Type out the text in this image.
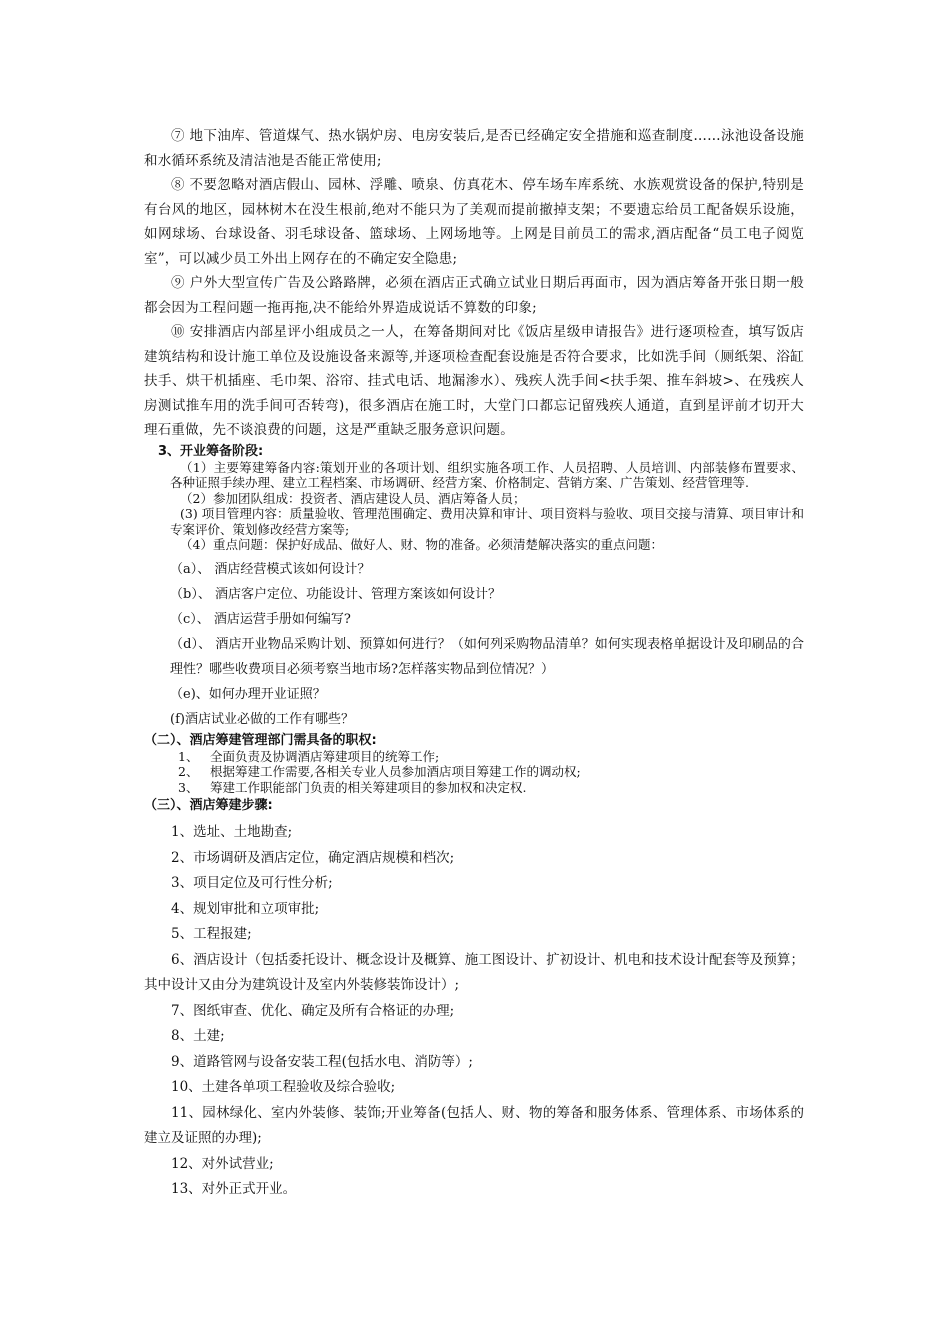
⑦ 地下油库、管道煤气、热水锅炉房、电房安装后,是否已经确定安全措施和巡查制度……泳池设备设施和水循环系统及清洁池是否能正常使用;

⑧ 不要忽略对酒店假山、园林、浮雕、喷泉、仿真花木、停车场车库系统、水族观赏设备的保护,特别是有台风的地区，园林树木在没生根前,绝对不能只为了美观而提前撤掉支架；不要遗忘给员工配备娱乐设施，如网球场、台球设备、羽毛球设备、篮球场、上网场地等。上网是目前员工的需求,酒店配备“员工电子阅览室”，可以减少员工外出上网存在的不确定安全隐患;

⑨ 户外大型宣传广告及公路路牌，必须在酒店正式确立试业日期后再面市，因为酒店筹备开张日期一般都会因为工程问题一拖再拖,决不能给外界造成说话不算数的印象;

⑩ 安排酒店内部星评小组成员之一人，在筹备期间对比《饭店星级申请报告》进行逐项检查，填写饭店建筑结构和设计施工单位及设施设备来源等,并逐项检查配套设施是否符合要求，比如洗手间（厕纸架、浴缸扶手、烘干机插座、毛巾架、浴帘、挂式电话、地漏渗水）、残疾人洗手间<扶手架、推车斜坡>、在残疾人房测试推车用的洗手间可否转弯)，很多酒店在施工时，大堂门口都忘记留残疾人通道，直到星评前才切开大理石重做，先不谈浪费的问题，这是严重缺乏服务意识问题。

3、开业筹备阶段:

（1）主要筹建筹备内容:策划开业的各项计划、组织实施各项工作、人员招聘、人员培训、内部装修布置要求、各种证照手续办理、建立工程档案、市场调研、经营方案、价格制定、营销方案、广告策划、经营管理等.

（2）参加团队组成：投资者、酒店建设人员、酒店筹备人员；

(3) 项目管理内容：质量验收、管理范围确定、费用决算和审计、项目资料与验收、项目交接与清算、项目审计和专案评价、策划修改经营方案等;

（4）重点问题：保护好成品、做好人、财、物的准备。必须清楚解决落实的重点问题：

（a）、 酒店经营模式该如何设计？

（b）、 酒店客户定位、功能设计、管理方案该如何设计？

（c）、 酒店运营手册如何编写?

（d）、 酒店开业物品采购计划、预算如何进行？（如何列采购物品清单？如何实现表格单据设计及印刷品的合理性？哪些收费项目必须考察当地市场?怎样落实物品到位情况？）

（e)、如何办理开业证照？

(f)酒店试业必做的工作有哪些？

（二）、酒店筹建管理部门需具备的职权:

1、 全面负责及协调酒店筹建项目的统筹工作;

2、 根据筹建工作需要,各相关专业人员参加酒店项目筹建工作的调动权;

3、 筹建工作职能部门负责的相关筹建项目的参加权和决定权.

（三）、酒店筹建步骤:

1、选址、土地勘查;

2、市场调研及酒店定位，确定酒店规模和档次;

3、项目定位及可行性分析;

4、规划审批和立项审批;

5、工程报建;

6、酒店设计（包括委托设计、概念设计及概算、施工图设计、扩初设计、机电和技术设计配套等及预算；其中设计又由分为建筑设计及室内外装修装饰设计）;

7、图纸审查、优化、确定及所有合格证的办理;

8、土建;

9、道路管网与设备安装工程(包括水电、消防等）;

10、土建各单项工程验收及综合验收;

11、园林绿化、室内外装修、装饰;开业筹备(包括人、财、物的筹备和服务体系、管理体系、市场体系的建立及证照的办理);

12、对外试营业;

13、对外正式开业。
